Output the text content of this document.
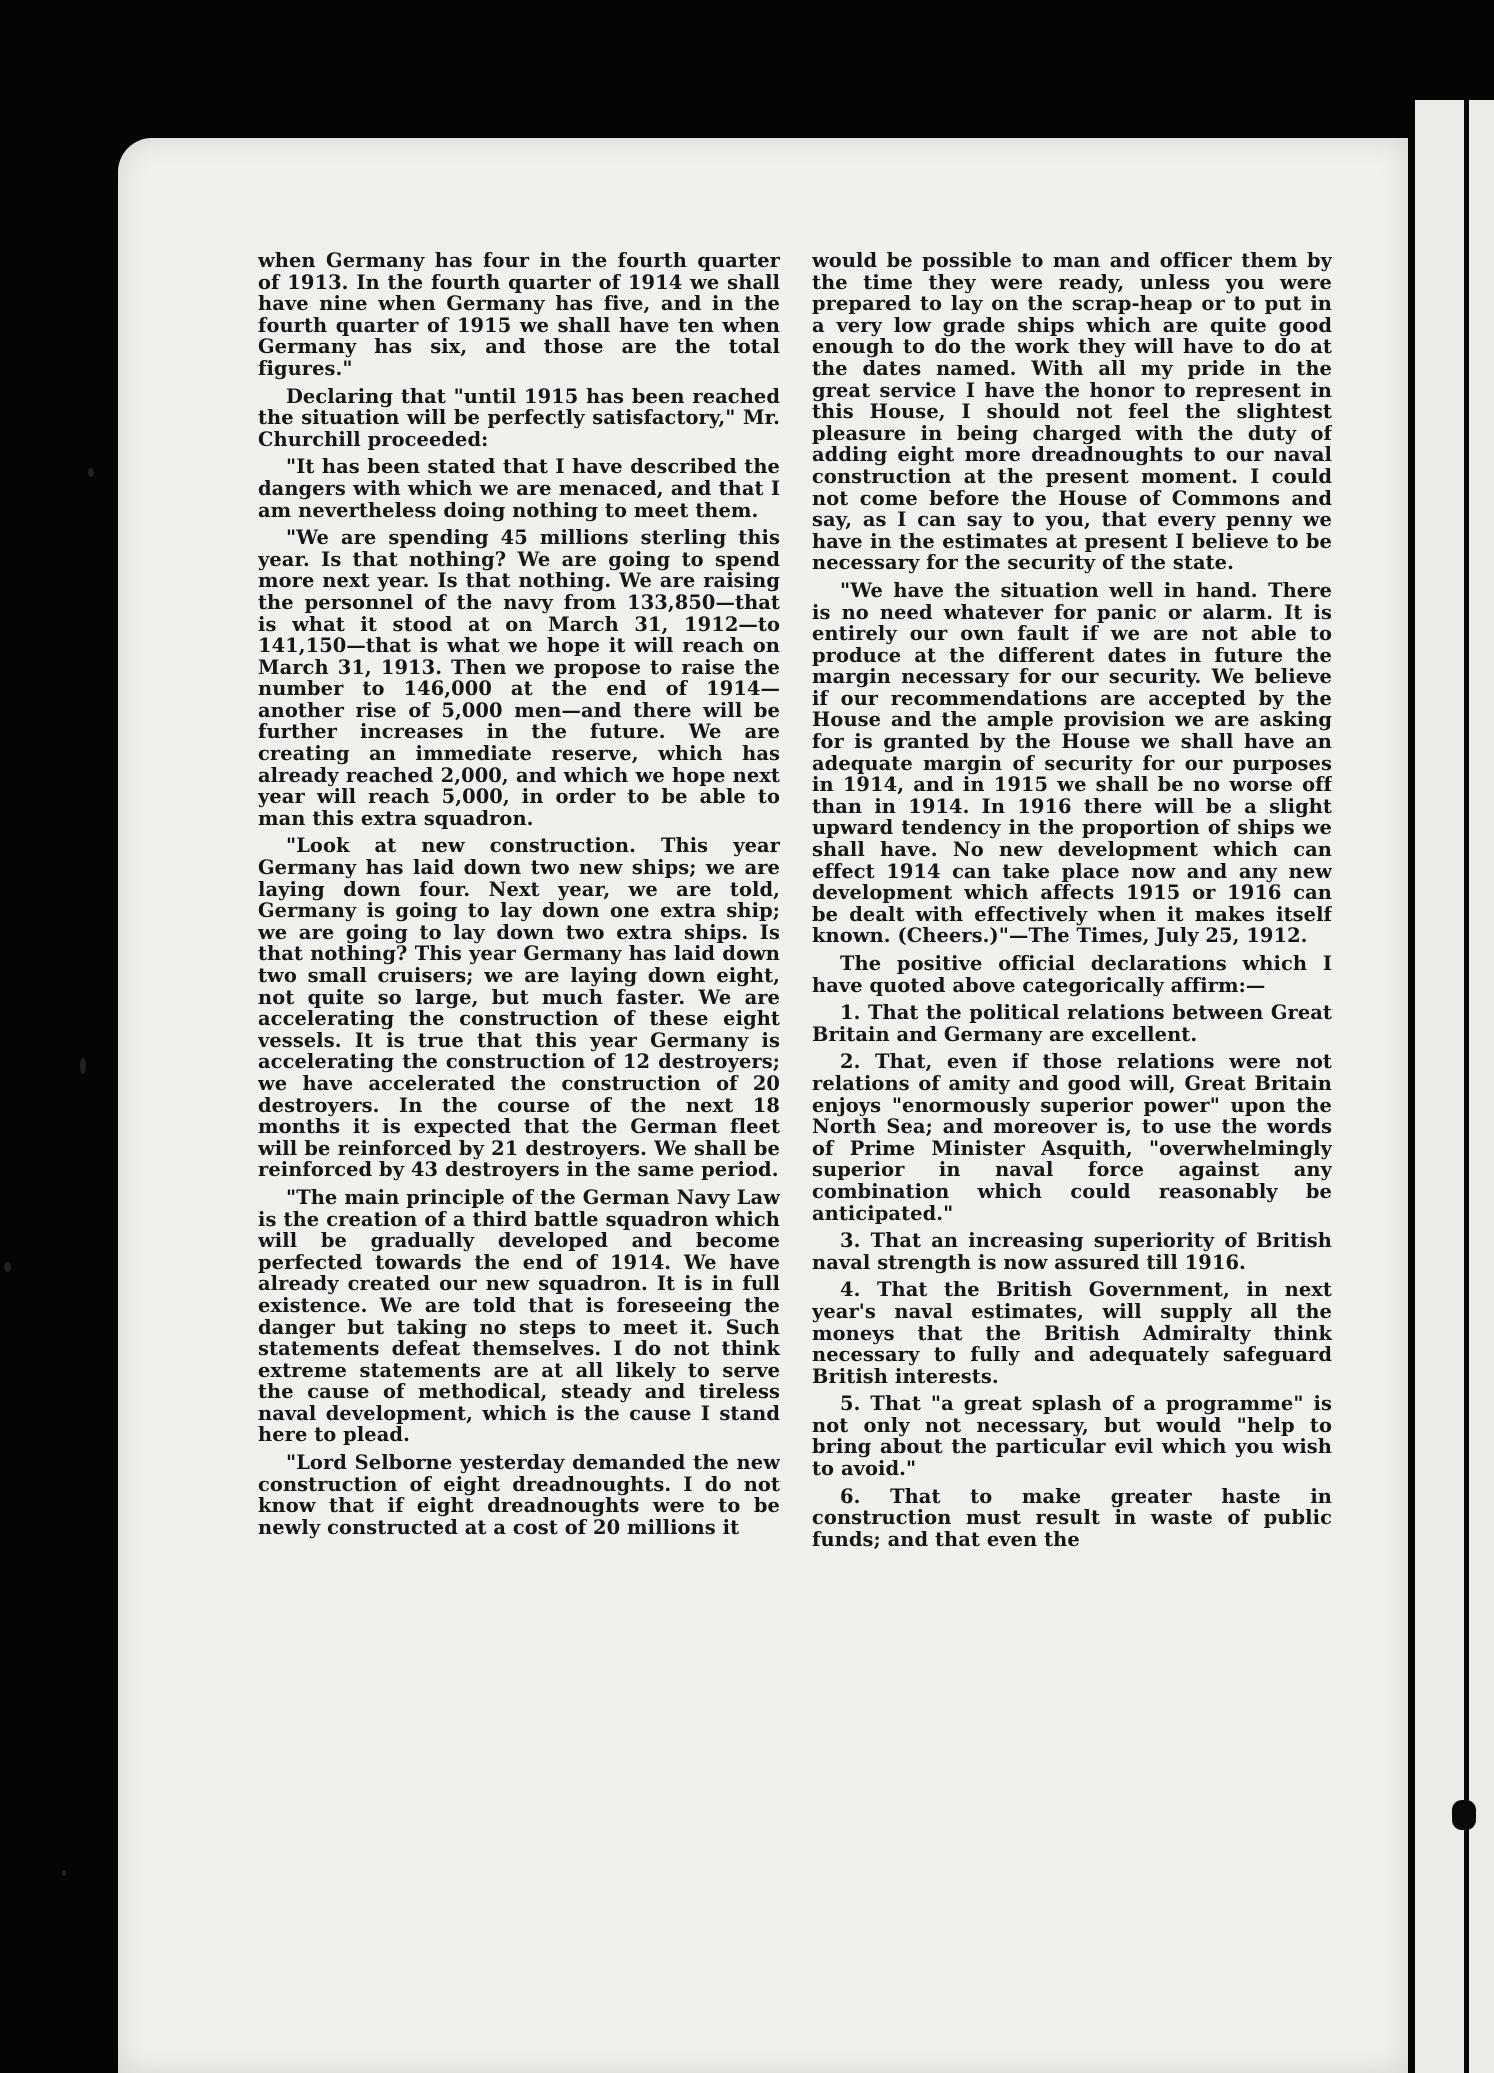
when Germany has four in the fourth quarter of 1913. In the fourth quarter of 1914 we shall have nine when Germany has five, and in the fourth quarter of 1915 we shall have ten when Germany has six, and those are the total figures."

Declaring that "until 1915 has been reached the situation will be perfectly satisfactory," Mr. Churchill proceeded:

"It has been stated that I have described the dangers with which we are menaced, and that I am nevertheless doing nothing to meet them.

"We are spending 45 millions sterling this year. Is that nothing? We are going to spend more next year. Is that nothing. We are raising the personnel of the navy from 133,850—that is what it stood at on March 31, 1912—to 141,150—that is what we hope it will reach on March 31, 1913. Then we propose to raise the number to 146,000 at the end of 1914—another rise of 5,000 men—and there will be further increases in the future. We are creating an immediate reserve, which has already reached 2,000, and which we hope next year will reach 5,000, in order to be able to man this extra squadron.

"Look at new construction. This year Germany has laid down two new ships; we are laying down four. Next year, we are told, Germany is going to lay down one extra ship; we are going to lay down two extra ships. Is that nothing? This year Germany has laid down two small cruisers; we are laying down eight, not quite so large, but much faster. We are accelerating the construction of these eight vessels. It is true that this year Germany is accelerating the construction of 12 destroyers; we have accelerated the construction of 20 destroyers. In the course of the next 18 months it is expected that the German fleet will be reinforced by 21 destroyers. We shall be reinforced by 43 destroyers in the same period.

"The main principle of the German Navy Law is the creation of a third battle squadron which will be gradually developed and become perfected towards the end of 1914. We have already created our new squadron. It is in full existence. We are told that is foreseeing the danger but taking no steps to meet it. Such statements defeat themselves. I do not think extreme statements are at all likely to serve the cause of methodical, steady and tireless naval development, which is the cause I stand here to plead.

"Lord Selborne yesterday demanded the new construction of eight dreadnoughts. I do not know that if eight dreadnoughts were to be newly constructed at a cost of 20 millions it

would be possible to man and officer them by the time they were ready, unless you were prepared to lay on the scrap-heap or to put in a very low grade ships which are quite good enough to do the work they will have to do at the dates named. With all my pride in the great service I have the honor to represent in this House, I should not feel the slightest pleasure in being charged with the duty of adding eight more dreadnoughts to our naval construction at the present moment. I could not come before the House of Commons and say, as I can say to you, that every penny we have in the estimates at present I believe to be necessary for the security of the state.

"We have the situation well in hand. There is no need whatever for panic or alarm. It is entirely our own fault if we are not able to produce at the different dates in future the margin necessary for our security. We believe if our recommendations are accepted by the House and the ample provision we are asking for is granted by the House we shall have an adequate margin of security for our purposes in 1914, and in 1915 we shall be no worse off than in 1914. In 1916 there will be a slight upward tendency in the proportion of ships we shall have. No new development which can effect 1914 can take place now and any new development which affects 1915 or 1916 can be dealt with effectively when it makes itself known. (Cheers.)"—The Times, July 25, 1912.

The positive official declarations which I have quoted above categorically affirm:—

1. That the political relations between Great Britain and Germany are excellent.

2. That, even if those relations were not relations of amity and good will, Great Britain enjoys "enormously superior power" upon the North Sea; and moreover is, to use the words of Prime Minister Asquith, "overwhelmingly superior in naval force against any combination which could reasonably be anticipated."

3. That an increasing superiority of British naval strength is now assured till 1916.

4. That the British Government, in next year's naval estimates, will supply all the moneys that the British Admiralty think necessary to fully and adequately safeguard British interests.

5. That "a great splash of a programme" is not only not necessary, but would "help to bring about the particular evil which you wish to avoid."

6. That to make greater haste in construction must result in waste of public funds; and that even the
